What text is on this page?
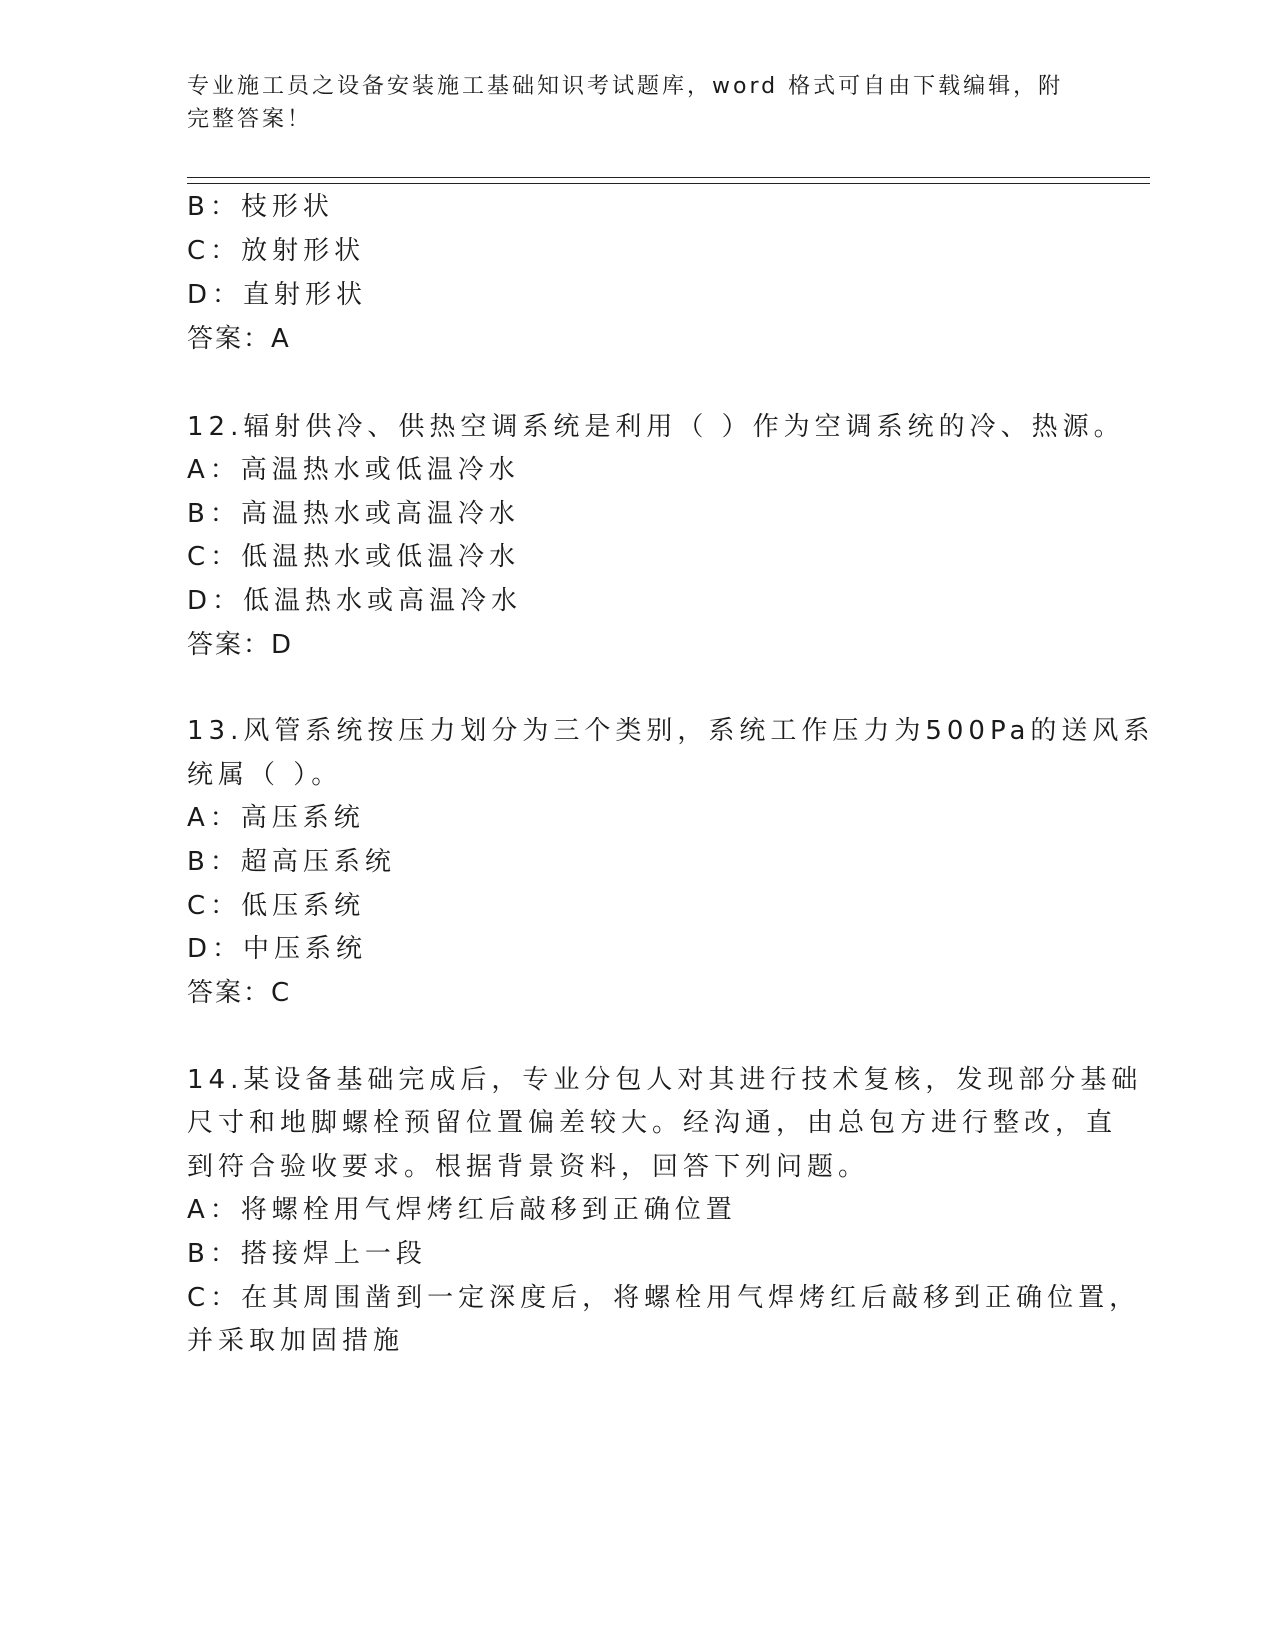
专业施工员之设备安装施工基础知识考试题库，word 格式可自由下载编辑，附完整答案！
B：枝形状
C：放射形状
D：直射形状
答案：A
12.辐射供冷、供热空调系统是利用（ ）作为空调系统的冷、热源。
A：高温热水或低温冷水
B：高温热水或高温冷水
C：低温热水或低温冷水
D：低温热水或高温冷水
答案：D
13.风管系统按压力划分为三个类别，系统工作压力为500Pa的送风系
统属（ ）。
A：高压系统
B：超高压系统
C：低压系统
D：中压系统
答案：C
14.某设备基础完成后，专业分包人对其进行技术复核，发现部分基础
尺寸和地脚螺栓预留位置偏差较大。经沟通，由总包方进行整改，直
到符合验收要求。根据背景资料，回答下列问题。
A：将螺栓用气焊烤红后敲移到正确位置
B：搭接焊上一段
C：在其周围凿到一定深度后，将螺栓用气焊烤红后敲移到正确位置，
并采取加固措施
